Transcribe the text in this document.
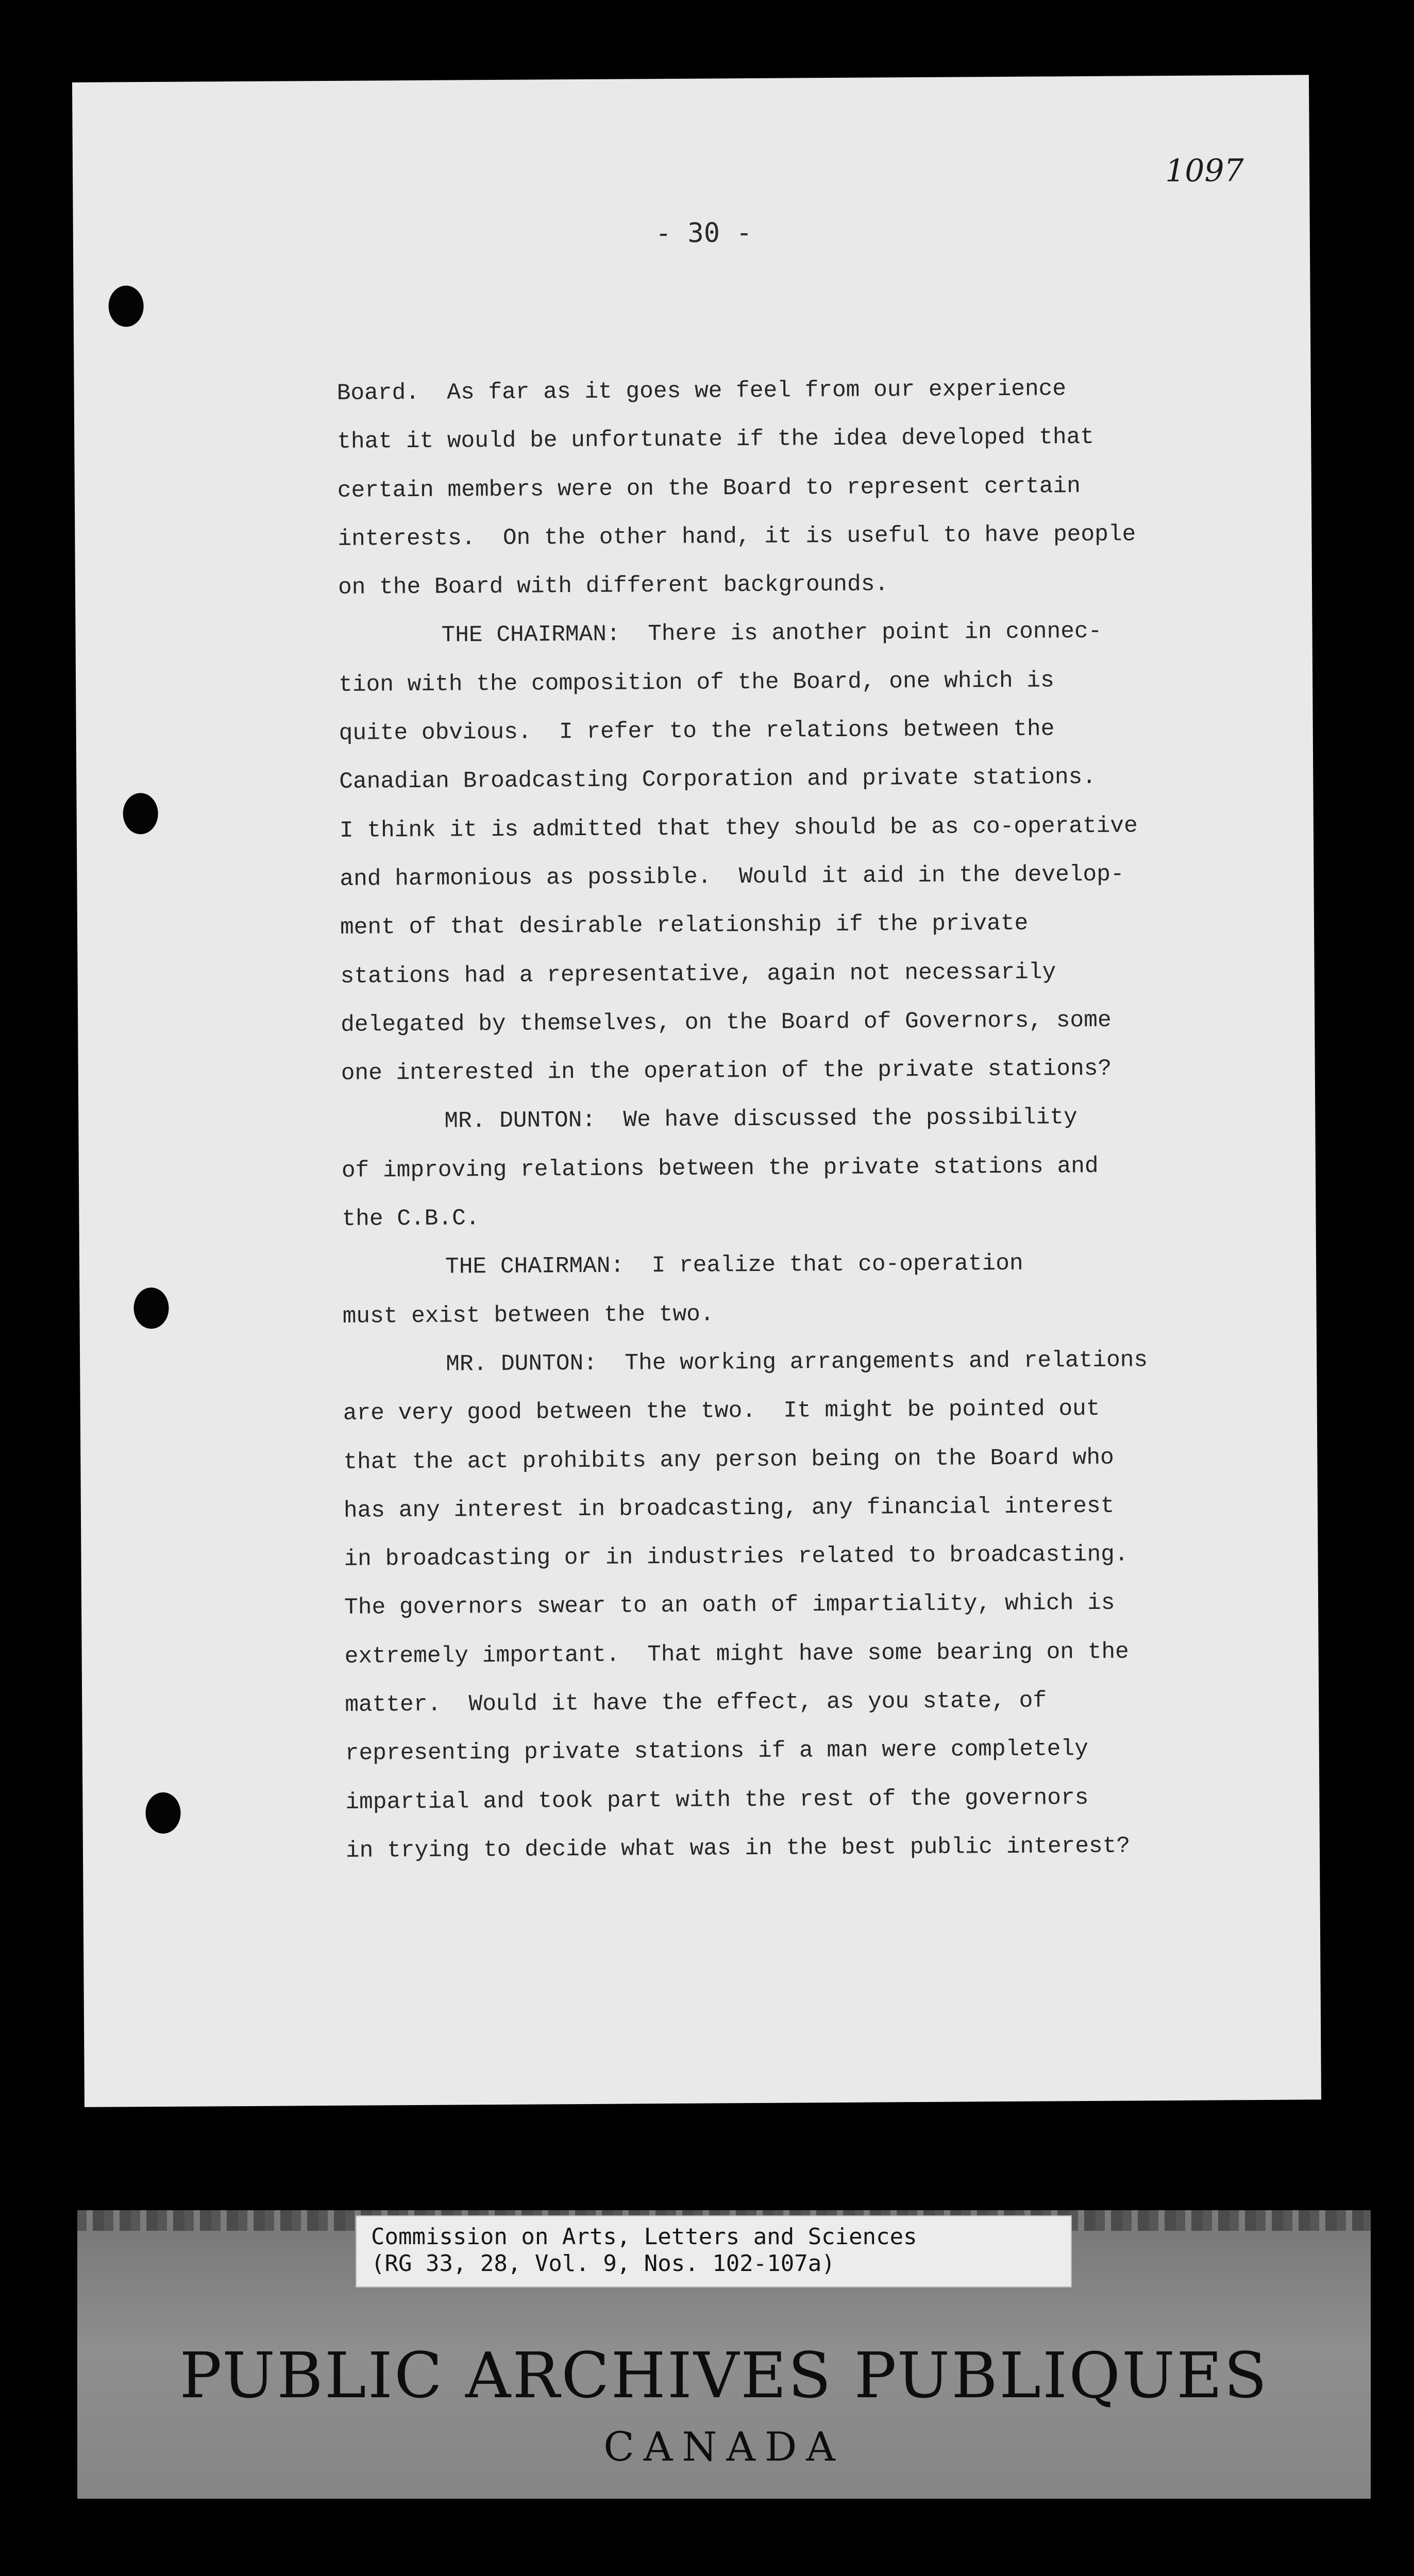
1097
- 30 -
Board.  As far as it goes we feel from our experience
that it would be unfortunate if the idea developed that
certain members were on the Board to represent certain
interests.  On the other hand, it is useful to have people
on the Board with different backgrounds.
THE CHAIRMAN:  There is another point in connec-
tion with the composition of the Board, one which is
quite obvious.  I refer to the relations between the
Canadian Broadcasting Corporation and private stations.
I think it is admitted that they should be as co-operative
and harmonious as possible.  Would it aid in the develop-
ment of that desirable relationship if the private
stations had a representative, again not necessarily
delegated by themselves, on the Board of Governors, some
one interested in the operation of the private stations?
MR. DUNTON:  We have discussed the possibility
of improving relations between the private stations and
the C.B.C.
THE CHAIRMAN:  I realize that co-operation
must exist between the two.
MR. DUNTON:  The working arrangements and relations
are very good between the two.  It might be pointed out
that the act prohibits any person being on the Board who
has any interest in broadcasting, any financial interest
in broadcasting or in industries related to broadcasting.
The governors swear to an oath of impartiality, which is
extremely important.  That might have some bearing on the
matter.  Would it have the effect, as you state, of
representing private stations if a man were completely
impartial and took part with the rest of the governors
in trying to decide what was in the best public interest?
Commission on Arts, Letters and Sciences
(RG 33, 28, Vol. 9, Nos. 102-107a)
PUBLIC ARCHIVES PUBLIQUES
CANADA
